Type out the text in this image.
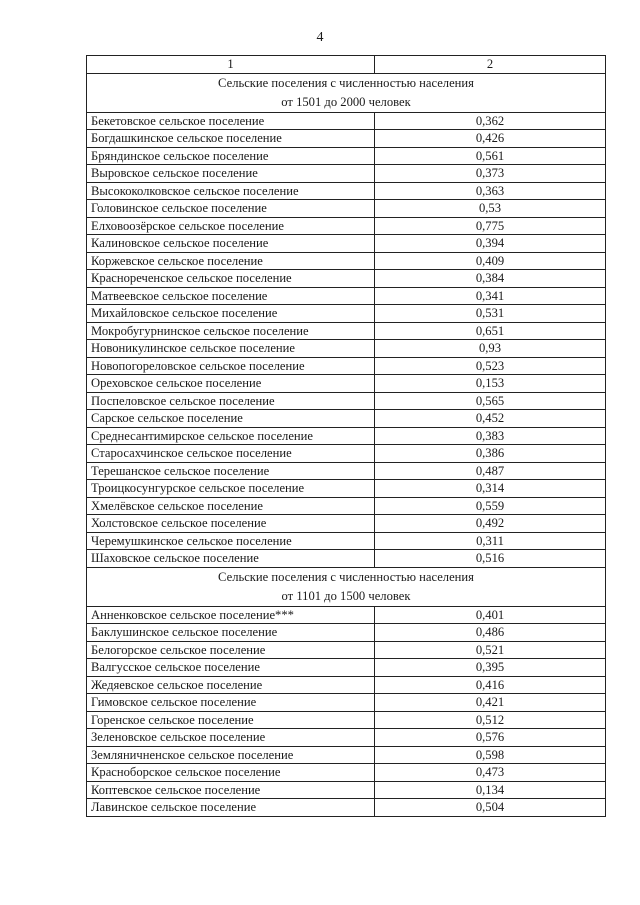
4
1	2

Сельские поселения с численностью населения
от 1501 до 2000 человек	

Бекетовское сельское поселение	0,362
Богдашкинское сельское поселение	0,426
Бряндинское сельское поселение	0,561
Выровское сельское поселение	0,373
Высококолковское сельское поселение	0,363
Головинское сельское поселение	0,53
Елховоозёрское сельское поселение	0,775
Калиновское сельское поселение	0,394
Коржевское сельское поселение	0,409
Краснореченское сельское поселение	0,384
Матвеевское сельское поселение	0,341
Михайловское сельское поселение	0,531
Мокробугурнинское сельское поселение	0,651
Новоникулинское сельское поселение	0,93
Новопогореловское сельское поселение	0,523
Ореховское сельское поселение	0,153
Поспеловское сельское поселение	0,565
Сарское сельское поселение	0,452
Среднесантимирское сельское поселение	0,383
Старосахчинское сельское поселение	0,386
Терешанское сельское поселение	0,487
Троицкосунгурское сельское поселение	0,314
Хмелёвское сельское поселение	0,559
Холстовское сельское поселение	0,492
Черемушкинское сельское поселение	0,311
Шаховское сельское поселение	0,516

Сельские поселения с численностью населения
от 1101 до 1500 человек	

Анненковское сельское поселение***	0,401
Баклушинское сельское поселение	0,486
Белогорское сельское поселение	0,521
Валгусское сельское поселение	0,395
Жедяевское сельское поселение	0,416
Гимовское сельское поселение	0,421
Горенское сельское поселение	0,512
Зеленовское сельское поселение	0,576
Земляничненское сельское поселение	0,598
Красноборское сельское поселение	0,473
Коптевское сельское поселение	0,134
Лавинское сельское поселение	0,504
